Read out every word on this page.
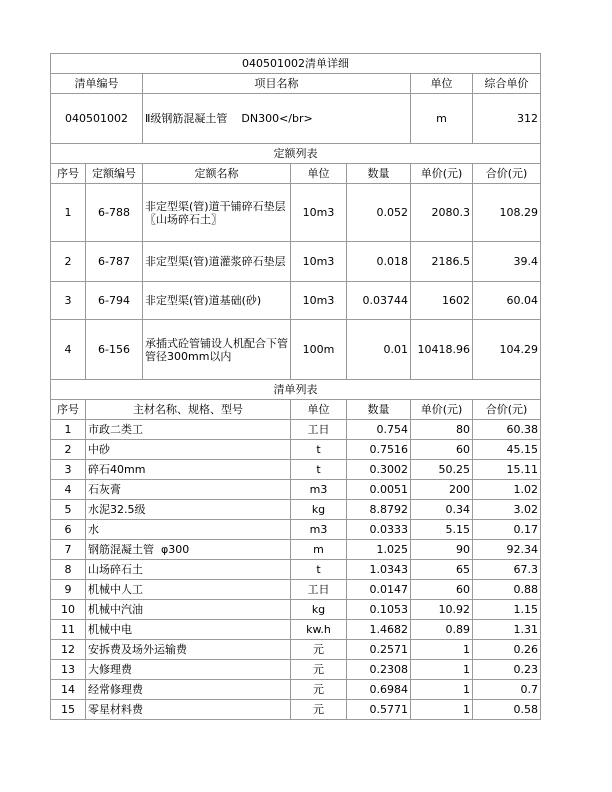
040501002清单详细						
清单编号		项目名称			单位	综合单价
040501002		Ⅱ级钢筋混凝土管    DN300</br>			m	312
定额列表						
序号	定额编号	定额名称	单位	数量	单价(元)	合价(元)
1	6-788	非定型渠(管)道干铺碎石垫层〖山场碎石土〗	10m3	0.052	2080.3	108.29
2	6-787	非定型渠(管)道灌浆碎石垫层	10m3	0.018	2186.5	39.4
3	6-794	非定型渠(管)道基础(砂)	10m3	0.03744	1602	60.04
4	6-156	承插式砼管铺设人机配合下管管径300mm以内	100m	0.01	10418.96	104.29
清单列表						
序号	主材名称、规格、型号		单位	数量	单价(元)	合价(元)
1	市政二类工		工日	0.754	80	60.38
2	中砂		t	0.7516	60	45.15
3	碎石40mm		t	0.3002	50.25	15.11
4	石灰膏		m3	0.0051	200	1.02
5	水泥32.5级		kg	8.8792	0.34	3.02
6	水		m3	0.0333	5.15	0.17
7	钢筋混凝土管  φ300		m	1.025	90	92.34
8	山场碎石土		t	1.0343	65	67.3
9	机械中人工		工日	0.0147	60	0.88
10	机械中汽油		kg	0.1053	10.92	1.15
11	机械中电		kw.h	1.4682	0.89	1.31
12	安拆费及场外运输费		元	0.2571	1	0.26
13	大修理费		元	0.2308	1	0.23
14	经常修理费		元	0.6984	1	0.7
15	零星材料费		元	0.5771	1	0.58
